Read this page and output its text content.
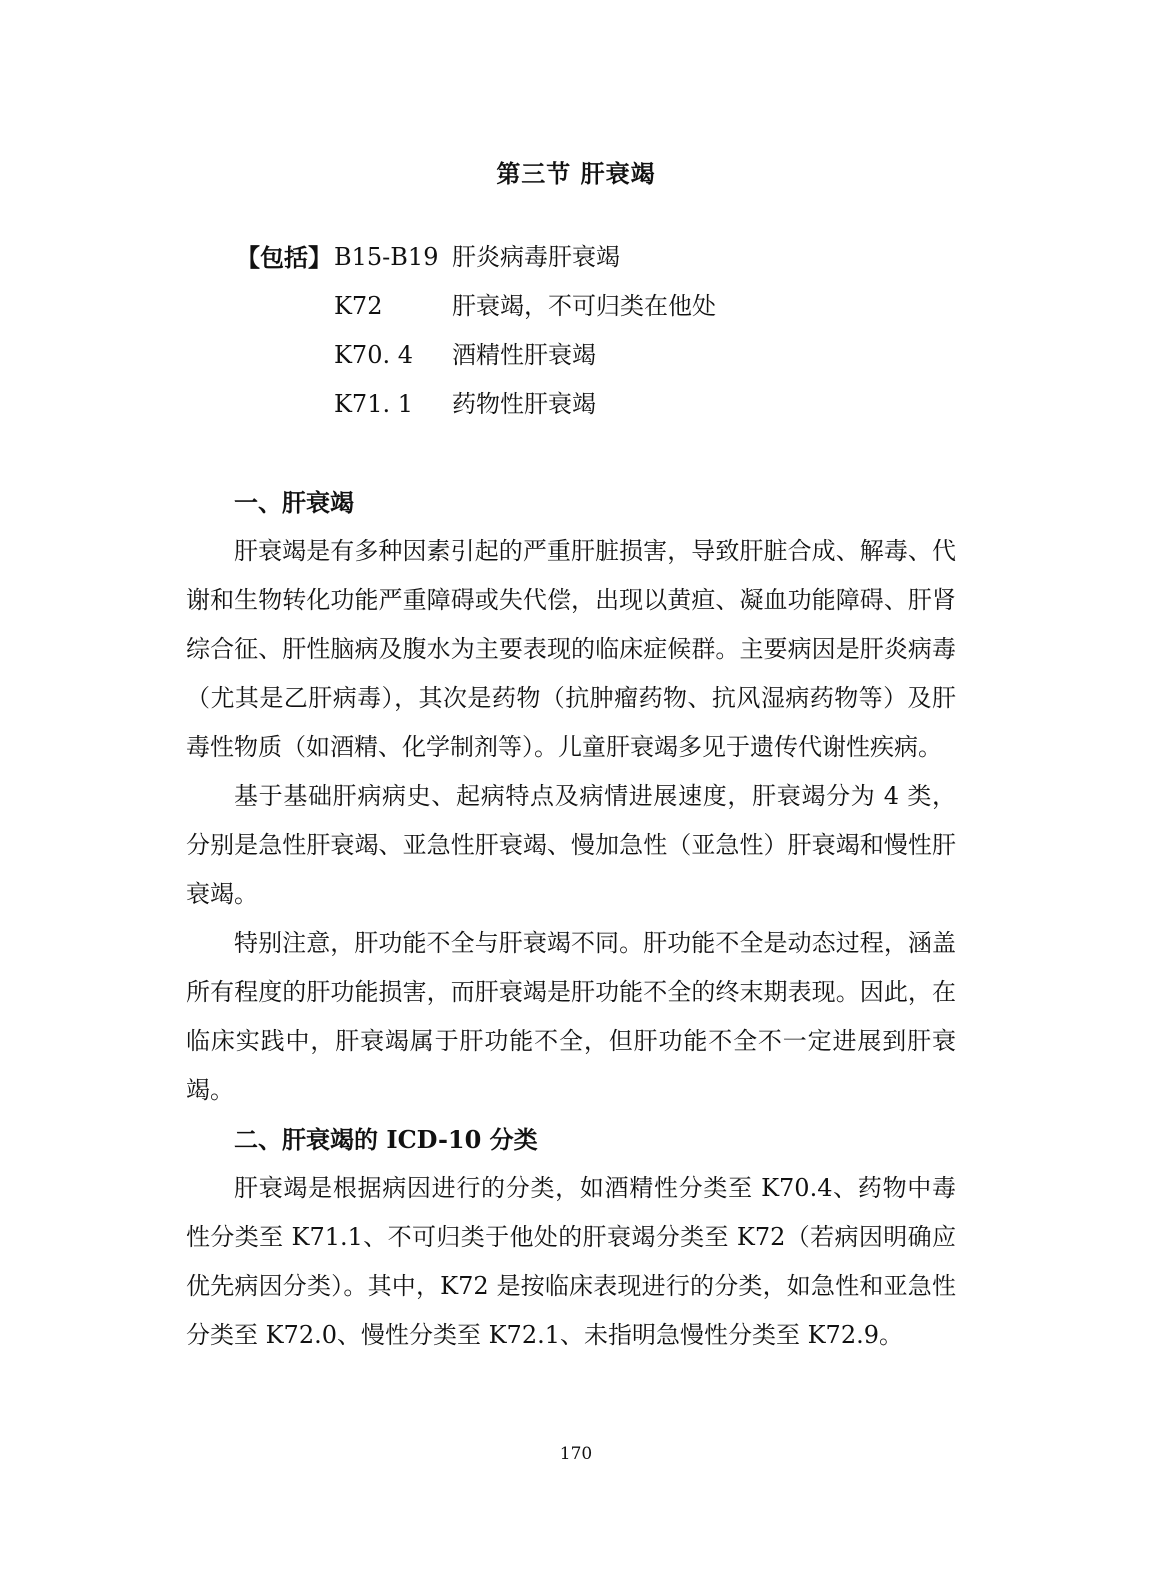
第三节 肝衰竭
【包括】 B15-B19 肝炎病毒肝衰竭
K72	肝衰竭，不可归类在他处
K70. 4	酒精性肝衰竭
K71. 1	药物性肝衰竭
一、肝衰竭

肝衰竭是有多种因素引起的严重肝脏损害，导致肝脏合成、解毒、代谢和生物转化功能严重障碍或失代偿，出现以黄疸、凝血功能障碍、肝肾综合征、肝性脑病及腹水为主要表现的临床症候群。主要病因是肝炎病毒（尤其是乙肝病毒），其次是药物（抗肿瘤药物、抗风湿病药物等）及肝毒性物质（如酒精、化学制剂等）。儿童肝衰竭多见于遗传代谢性疾病。

基于基础肝病病史、起病特点及病情进展速度，肝衰竭分为 4 类，分别是急性肝衰竭、亚急性肝衰竭、慢加急性（亚急性）肝衰竭和慢性肝衰竭。

特别注意，肝功能不全与肝衰竭不同。肝功能不全是动态过程，涵盖所有程度的肝功能损害，而肝衰竭是肝功能不全的终末期表现。因此，在临床实践中，肝衰竭属于肝功能不全，但肝功能不全不一定进展到肝衰竭。

二、肝衰竭的 ICD-10 分类

肝衰竭是根据病因进行的分类，如酒精性分类至 K70.4、药物中毒性分类至 K71.1、不可归类于他处的肝衰竭分类至 K72（若病因明确应优先病因分类）。其中，K72 是按临床表现进行的分类，如急性和亚急性分类至 K72.0、慢性分类至 K72.1、未指明急慢性分类至 K72.9。

170
